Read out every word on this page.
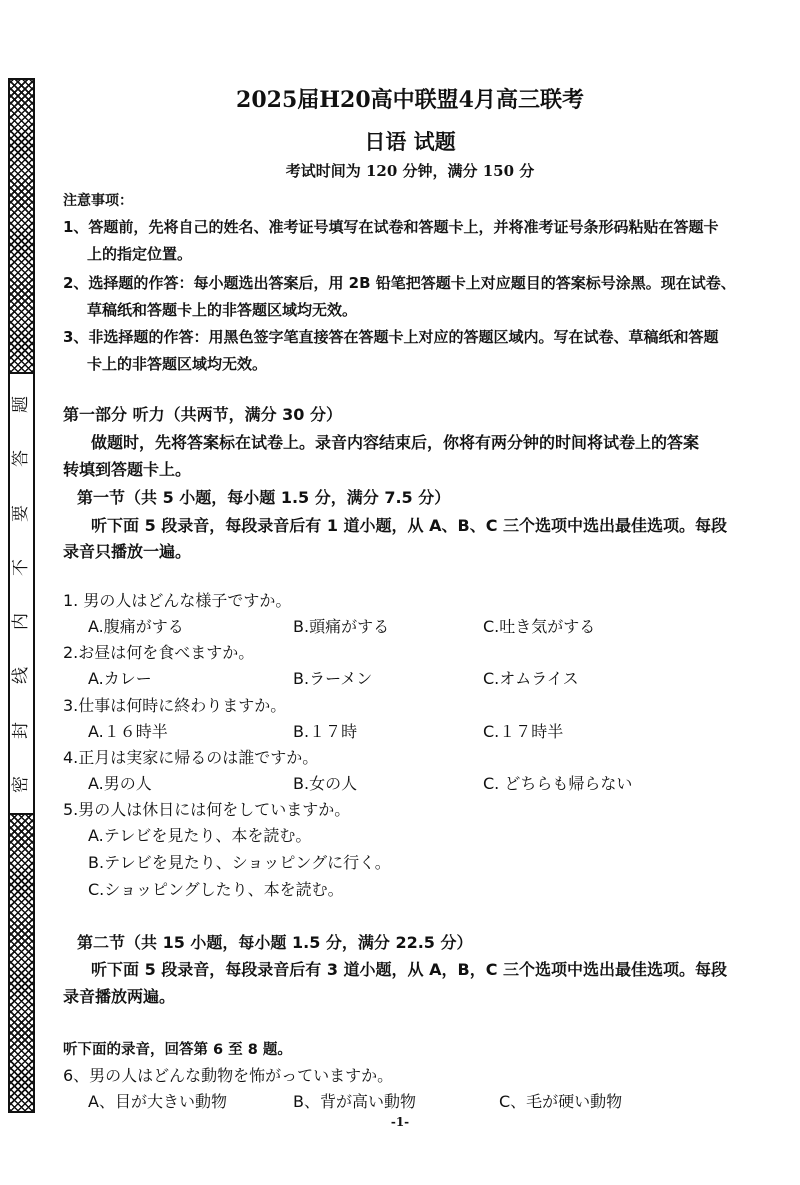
密
封
线
内
不
要
答
题
2025届H20高中联盟4月高三联考
日语 试题
考试时间为 120 分钟，满分 150 分
注意事项：
1、答题前，先将自己的姓名、准考证号填写在试卷和答题卡上，并将准考证号条形码粘贴在答题卡
上的指定位置。
2、选择题的作答：每小题选出答案后，用 2B 铅笔把答题卡上对应题目的答案标号涂黑。现在试卷、
草稿纸和答题卡上的非答题区域均无效。
3、非选择题的作答：用黑色签字笔直接答在答题卡上对应的答题区域内。写在试卷、草稿纸和答题
卡上的非答题区域均无效。
第一部分 听力（共两节，满分 30 分）
做题时，先将答案标在试卷上。录音内容结束后，你将有两分钟的时间将试卷上的答案
转填到答题卡上。
第一节（共 5 小题，每小题 1.5 分，满分 7.5 分）
听下面 5 段录音，每段录音后有 1 道小题，从 A、B、C 三个选项中选出最佳选项。每段
录音只播放一遍。
1. 男の人はどんな様子ですか。
A.腹痛がする	B.頭痛がする	C.吐き気がする
2.お昼は何を食べますか。
A.カレー	B.ラーメン	C.オムライス
3.仕事は何時に終わりますか。
A.１６時半	B.１７時	C.１７時半
4.正月は実家に帰るのは誰ですか。
A.男の人	B.女の人	C. どちらも帰らない
5.男の人は休日には何をしていますか。
A.テレビを見たり、本を読む。
B.テレビを見たり、ショッピングに行く。
C.ショッピングしたり、本を読む。
第二节（共 15 小题，每小题 1.5 分，满分 22.5 分）
听下面 5 段录音，每段录音后有 3 道小题，从 A，B，C 三个选项中选出最佳选项。每段
录音播放两遍。
听下面的录音，回答第 6 至 8 题。
6、男の人はどんな動物を怖がっていますか。
A、目が大きい動物	B、背が高い動物	C、毛が硬い動物
-1-
